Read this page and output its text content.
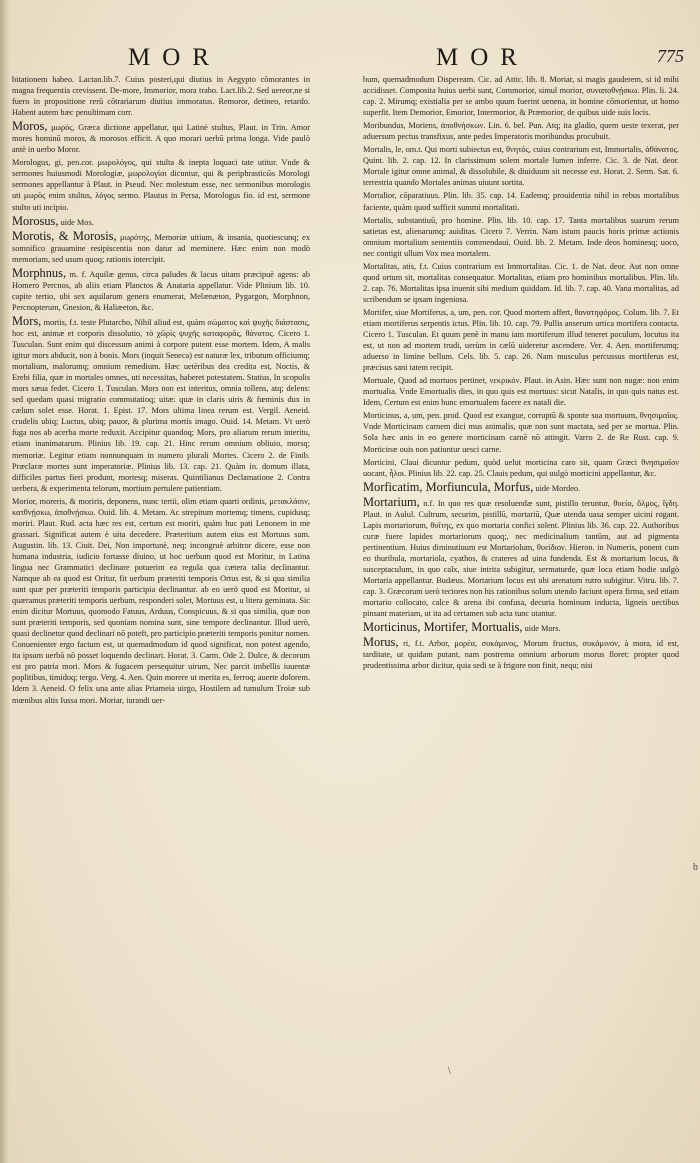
MOR	MOR	775

bitationem habeo. Lactan.lib.7. Cuius posteri,qui diutius in Aegypto cōmorantes in magna frequentia crevissent. De-more, Immorior, mora traho. Lact.lib.2. Sed uereor,ne si fuero in propositione rerū cōtrariarum diutius immoratus. Remoror, detineo, retardo. Habent autem hæc penultimam corr.

Moros, μωρός, Græca dictione appellatur, qui Latinè stultus, Plaut. in Trin. Amor mores hominū moros, & morosos efficit. A quo morari uerbū prima longa. Vide paulò antè in uerbo Moror.

Morologus, gi, pen.cor. μωρολόγος, qui stulta & inepta loquaci tate utitur. Vnde & sermones huiusmodi Morologiæ, μωρολογίαι dicuntur, qui & periphrasticῶs Morologi sermones appellantur à Plaut. in Pseud. Nec molestum esse, nec sermonibus morologis uti μωρὸς enim stultus, λόγος sermo. Plautus in Persa, Morologus fio. id est, sermone stulto uti incipio.

Morosus, uide Mos.

Morotis, & Morosis, μωρότης, Memoriæ uitium, & insania, quotiescunq; ex somnifico grauamine resipiscentia non datur ad meminere. Hæc enim non modò memoriam, sed usum quoq; rationis intercipit.

Morphnus, m. f. Aquilæ genus, circa paludes & lacus uitam præcipuè agens: ab Homero Percnos, ab aliis etiam Planctos & Anataria appellatur. Vide Plinium lib. 10. capite tertio, ubi sex aquilarum genera enumerat, Melænæton, Pygargon, Morphnon, Percnopterum, Gnesion, & Haliæeton, &c.

Mors, mortis, f.t. teste Plutarcho, Nihil aliud est, quàm σώματος καὶ ψυχῆς διάστασις, hoc est, animæ et corporis dissolutio, τὸ χῶρὶς ψυχῆς καταφορᾶς, θάνατος. Cicero 1. Tusculan. Sunt enim qui discessum animi à corpore putent esse mortem. Idem, A malis igitur mors abducit, non à bonis. Mors (inquit Seneca) est naturæ lex, tributum officiumq; mortalium, malorumq; omnium remedium. Hæc uetèribus dea credita est, Noctis, & Erebi filia, quæ in mortales omnes, uti necessitas, haberet potestatem. Statius, In scopulis mors sæua fedet. Cicero 1. Tusculan. Mors non est interitus, omnia tollens, atq; delens: sed quedam quasi migratio commutatioq; uitæ: quæ in claris uiris & fœminis dux in cælum solet esse. Horat. 1. Epist. 17. Mors ultima linea rerum est. Vergil. Aeneid. crudelis ubiq; Luctus, ubiq; pauor, & plurima mortis imago. Ouid. 14. Metam. Vt uerò fuga nos ab acerba morte reduxit. Accipitur quandoq; Mors, pro aliarum rerum interitu, etiam inanimatarum. Plinius lib. 19. cap. 21. Hinc rerum omnium obliuio, morsq; memoriæ. Legitur etiam nonnunquam in numero plurali Mortes. Cicero 2. de Finib. Præclaræ mortes sunt imperatoriæ. Plinius lib. 13. cap. 21. Quàm in. domum illata, difficiles partus fieri produnt, mortesq; miseras. Quintilianus Declamatione 2. Contra uerbera, & experimenta telorum, mortium pertulere patientiam.

Morior, moreris, & moriris, deponens, nunc tertii, olim etiam quarti ordinis, μετακλάσιν, κατθνῄσκω, ἀποθνῄσκω. Ouid. lib. 4. Metam. Ac strepitum mortemq; timens, cupidusq; moriri. Plaut. Rud. acta hæc res est, certum est moriri, quàm huc pati Lenonem in me grassari. Significat autem è uita decedere. Præteritum autem eius est Mortuus sum. Augustin. lib. 13. Ciuit. Dei, Non importunè, neq; incongruè arbitror dicere, esse non humana industria, iudicio fortasse diuino, ut hoc uerbum quod est Moritur, in Latina lingua nec Grammatici declinare potuerint ea regula qua cætera talia declinantur. Namque ab ea quod est Oritur, fit uerbum præteriti temporis Ortus est, & si qua similia sunt quæ per præteriti temporis participia declinantur. ab eo uerò quod est Moritur, si quæramus præteriti temporis uerbum, responderi solet, Mortuus est, u litera geminata. Sic enim dicitur Mortuus, quomodo Fatuus, Arduus, Conspicuus, & si qua similia, quæ non sunt præteriti temporis, sed quoniam nomina sunt, sine tempore declinantur. Illud uerò, quasi declinetur quod declinari nō poteft, pro participio præteriti temporis ponitur nomen. Conuenienter ergo factum est, ut quemadmodum id quod significat, non potest agendo, ita ipsum uerbū nō posset loquendo declinari. Horat. 3. Carm. Ode 2. Dulce, & decorum est pro patria mori. Mors & fugacem persequitur uirum, Nec parcit imbellis iuuentæ poplitibus, timidoq; tergo. Verg. 4. Aen. Quin morere ut merita es, ferroq; auerte dolorem. Idem 3. Aeneid. O felix una ante alias Priameia uirgo, Hostilem ad tumulum Troiæ sub mœnibus altis Iussa mori. Moriar, iurandi uer-

bum, quemadmodum Dispeream. Cic. ad Attic. lib. 8. Moriar, si magis gauderem, si id mihi accidisset. Composita huius uerbi sunt, Commorior, simul morior, συναποθνῄσκω. Plin. li. 24. cap. 2. Mirumq; existialia per se ambo quum fuerint uenena, in homine cōmorientur, ut homo superfit. Item Demorior, Emorior, Intermorior, & Præmorior, de quibus uide suis locis.

Moribundus, Moriens, ἀποθνήσκων. Lin. 6. bel. Pun. Atq; ita gladio, quem ueste texerat, per aduersum pectus transfixus, ante pedes Imperatoris moribundus procubuit.

Mortalis, le, om.t. Qui morti subiectus est, θνητός, cuius contrarium est, Immortalis, ἀθάνατος. Quint. lib. 2. cap. 12. In clarissimum solem mortale lumen inferre. Cic. 3. de Nat. deor. Mortale igitur omne animal, & dissolubile, & diuiduum sit necesse est. Horat. 2. Serm. Sat. 6. terrestria quando Mortales animas uiuunt sortita.

Mortalior, cōparatiuus. Plin. lib. 35. cap. 14. Eademq; prouidentia nihil in rebus mortalibus faciente, quàm quod sufficit summi mortalitati.

Mortalis, substantiuū, pro homine. Plin. lib. 10. cap. 17. Tanta mortalibus suarum rerum satietas est, alienarumq; auiditas. Cicero 7. Verrin. Nam istum paucis horis primæ actionis omnium mortalium sententiis commendaui. Ouid. lib. 2. Metam. Inde deos hominesq; uoco, nec contigit ullum Vox mea mortalem.

Mortalitas, atis, f.t. Cuius contrarium est Immortalitas. Cic. 1. de Nat. deor. Aut non omne quod ortum sit, mortalitas consequatur. Mortalitas, etiam pro hominibus mortalibus. Plin. lib. 2. cap. 76. Mortalitas ipsa inuenit sibi medium quiddam. Id. lib. 7. cap. 40. Vana mortalitas, ad scribendum se ipsam ingeniosa.

Mortifer, siue Mortiferus, a, um, pen. cor. Quod mortem affert, θανατηφόρος. Colum. lib. 7. Et etiam mortiferus serpentis ictus. Plin. lib. 10. cap. 79. Pullis anserum urtica mortifera contacta. Cicero 1. Tusculan. Et quum penè in manu iam mortiferum illud teneret poculum, locutus ita est, ut non ad mortem trudi, uerùm in cælū uideretur ascendere. Ver. 4. Aen. mortiferumq; aduerso in limine bellum. Cels. lib. 5. cap. 26. Nam musculus percussus mortiferus est, præcisus sani tatem recipit.

Mortuale, Quod ad mortuos pertinet, νεκρικόν. Plaut. in Asin. Hæc sunt non nugæ: non enim mortualia. Vnde Emortualis dies, in quo quis est mortuus: sicut Natalis, in quo quis natus est. Idem, Certum est enim hunc emortualem facere ex natali die.

Morticinus, a, um, pen. prod. Quod est exangue, corruptū & sponte sua mortuum, θνησιμαῖος. Vnde Morticinam carnem dici mus animalis, quæ non sunt mactata, sed per se mortua. Plin. Sola hæc anis in eo genere morticinam carnē nō attingit. Varro 2. de Re Rust. cap. 9. Morticinæ ouis non patiuntur uesci carne.

Morticini, Claui dicuntur pedum, quòd uelut morticina caro sit, quam Græci θνησιμαῖον uocant, ἧλοι. Plinius lib. 22. cap. 25. Clauis pedum, qui uulgò morticini appellantur, &c.

Morficatim, Morfiuncula, Morfus, uide Mordeo.

Mortarium, n.f. In quo res quæ resoluendæ sunt, pistillo teruntur, θυεία, ὅλμος, ἴγδη. Plaut. in Aulul. Cultrum, securim, pistillū, mortariū, Quæ utenda uasa semper uicini rogant. Lapis mortariorum, θυῖτης, ex quo mortaria confici solent. Plinius lib. 36. cap. 22. Authoribus curæ fuere lapides mortariorum quoq;, nec medicinalium tantūm, aut ad pigmenta pertinentium. Huius diminutiuum est Mortariolum, θυείδιον. Hieron. in Numeris, ponent cum eo thuribula, mortariola, cyathos, & crateres ad uina fundenda. Est & mortarium locus, & susceptaculum, in quo calx, siue intrita subigitur, sermaturde, quæ loca etiam hodie uulgò Mortaria appellantur. Budæus. Mortarium locus est ubi arenatum rutro subigitur. Vitru. lib. 7. cap. 3. Græcorum uerò tectores non his rationibus solum utendo faciunt opera firma, sed etiam mortario collocato, calce & arena ibi confusa, decuria hominum inducta, ligneis uectibus pinsant materiam, ut ita ad certamen sub acta tunc utantur.

Morticinus, Mortifer, Mortualis, uide Mors.

Morus, ri, f.t. Arbor, μορέα, συκάμινος, Morum fructus, συκάμινον, à mora, id est, tarditate, ut quidam putant, nam postrema omnium arborum morus floret: propter quod prudentissima arbor dicitur, quia sedi se à frigore non finit, nequ; nisi

b
\
